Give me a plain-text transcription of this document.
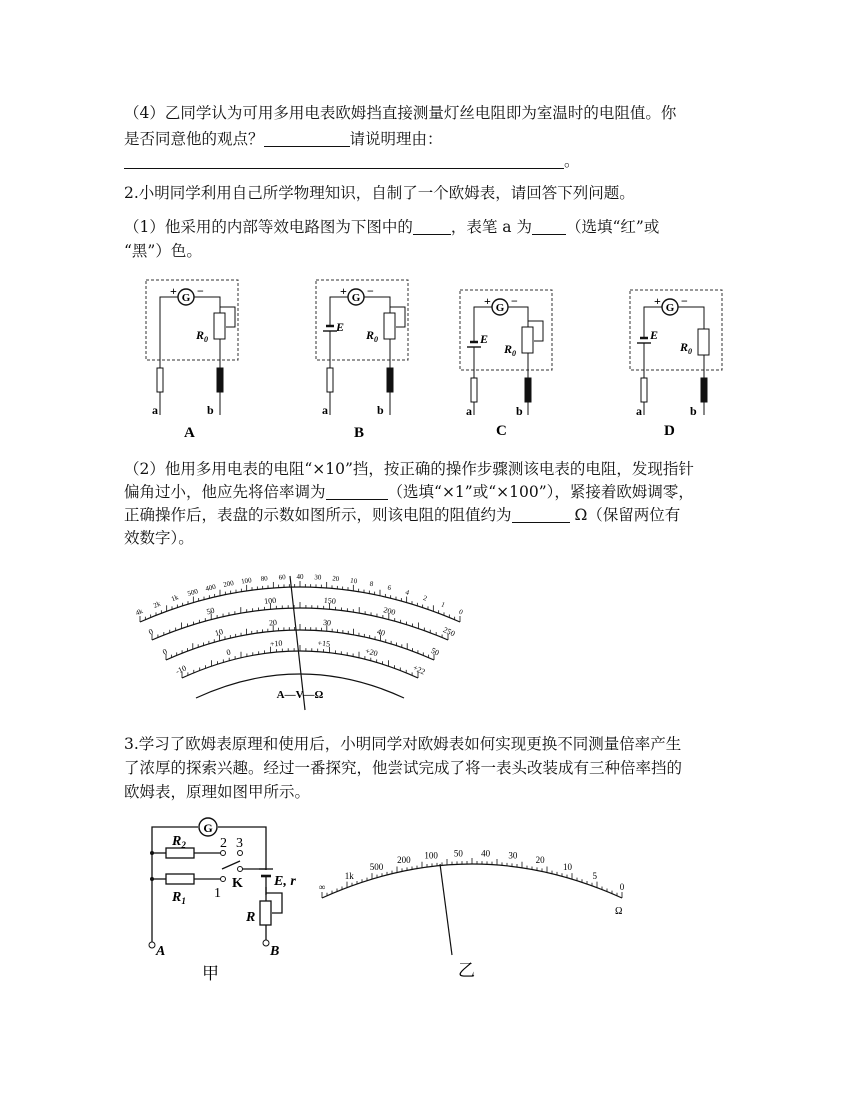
（4）乙同学认为可用多用电表欧姆挡直接测量灯丝电阻即为室温时的电阻值。你
是否同意他的观点？	请说明理由：
。
2.小明同学利用自己所学物理知识，自制了一个欧姆表，请回答下列问题。
（1）他采用的内部等效电路图为下图中的 ，表笔 a 为 （选填“红”或
“黑”）色。
G
$R_0$
+ −
a	b
A
E
$R_0$
+ −
a	b
B
E
$R_0$
+ −
a	b
C
E
$R_0$
+ −
a	b
D
（2）他用多用电表的电阻“×10”挡，按正确的操作步骤测该电表的电阻，发现指针
偏角过小，他应先将倍率调为	（选填“×1”或“×100”），紧接着欧姆调零，
正确操作后，表盘的示数如图所示，则该电阻的阻值约为	Ω（保留两位有
效数字）。
4k
2k
1k
500 400 200 100 80 60 40 30 20 10 8 6
4
2
1
0
0
50
100	150
200
250
0
10
20	30
40
50
-10
0
+10	+15
+20
+22
A—V—Ω
3.学习了欧姆表原理和使用后，小明同学对欧姆表如何实现更换不同测量倍率产生
了浓厚的探索兴趣。经过一番探究，他尝试完成了将一表头改装成有三种倍率挡的
欧姆表，原理如图甲所示。
G
$R_2$
$R_1$
2 3
1
K E, r
R
A	B
甲
∞
1k
500
200 100 50 40 30 20
10
5
0
Ω
乙
